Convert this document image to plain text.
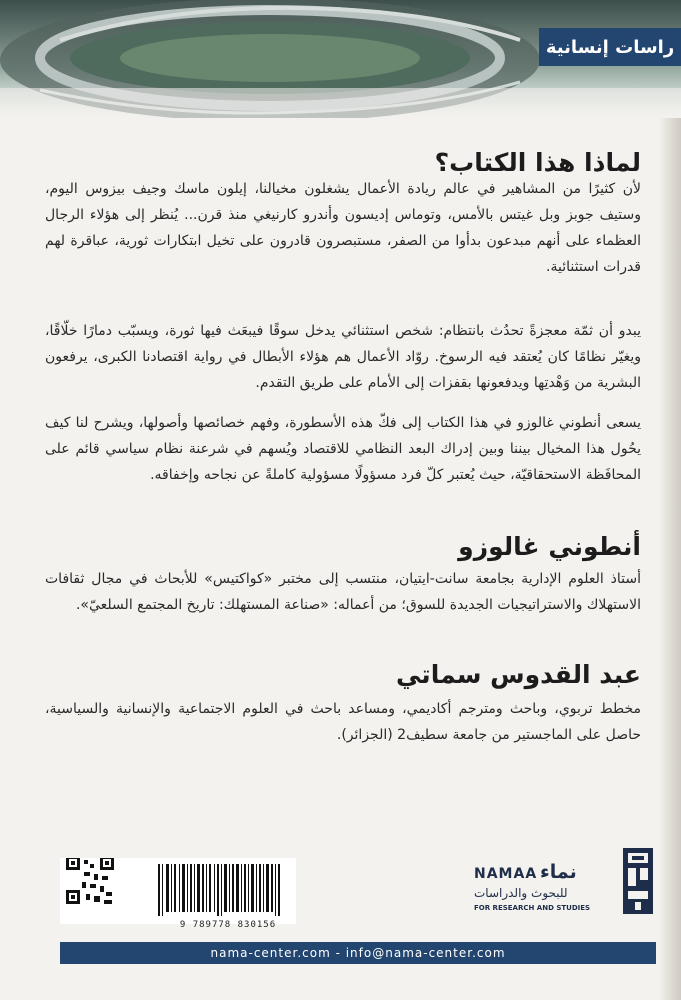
راسات إنسانية
لماذا هذا الكتاب؟

لأن كثيرًا من المشاهير في عالم ريادة الأعمال يشغلون مخيالنا، إيلون ماسك وجيف بيزوس اليوم، وستيف جوبز وبل غيتس بالأمس، وتوماس إديسون وأندرو كارنيغي منذ قرن... يُنظر إلى هؤلاء الرجال العظماء على أنهم مبدعون بدأوا من الصفر، مستبصرون قادرون على تخيل ابتكارات ثورية، عباقرة لهم قدرات استثنائية.

يبدو أن ثمّة معجزةً تحدُث بانتظام: شخص استثنائي يدخل سوقًا فيبعَث فيها ثورة، ويسبّب دمارًا خلّاقًا، ويغيّر نظامًا كان يُعتقد فيه الرسوخ. روّاد الأعمال هم هؤلاء الأبطال في رواية اقتصادنا الكبرى، يرفعون البشرية من وَهْدتِها ويدفعونها بقفزات إلى الأمام على طريق التقدم.

يسعى أنطوني غالوزو في هذا الكتاب إلى فكّ هذه الأسطورة، وفهم خصائصها وأصولها، ويشرح لنا كيف يحُول هذا المخيال بيننا وبين إدراك البعد النظامي للاقتصاد ويُسهم في شرعنة نظام سياسي قائم على المحافَظة الاستحقاقيّة، حيث يُعتبر كلّ فرد مسؤولًا مسؤولية كاملةً عن نجاحه وإخفاقه.

أنطوني غالوزو

أستاذ العلوم الإدارية بجامعة سانت-ايتيان، منتسب إلى مختبر «كواكتيس» للأبحاث في مجال ثقافات الاستهلاك والاستراتيجيات الجديدة للسوق؛ من أعماله: «صناعة المستهلك: تاريخ المجتمع السلعيّ».

عبد القدوس سماتي

مخطط تربوي، وباحث ومترجم أكاديمي، ومساعد باحث في العلوم الاجتماعية والإنسانية والسياسية، حاصل على الماجستير من جامعة سطيف2 (الجزائر).

9 789778 830156
NAMAA نماء
للبحوث والدراسات
FOR RESEARCH AND STUDIES
nama-center.com - info@nama-center.com
